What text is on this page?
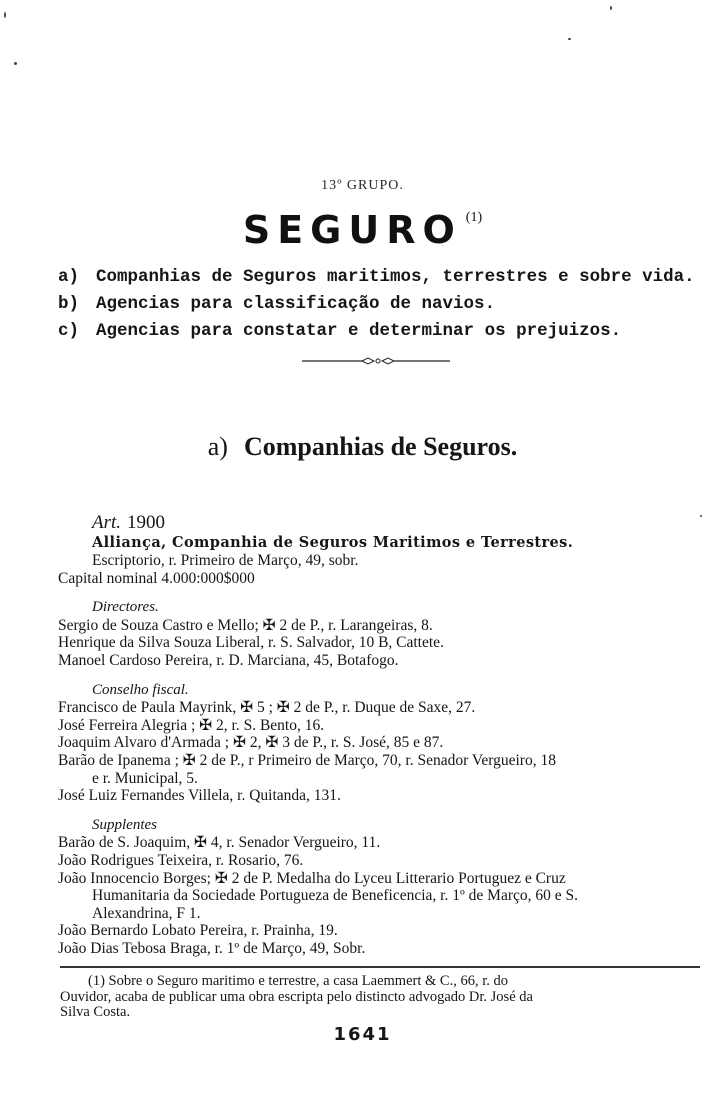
13º GRUPO.
SEGURO $^{(1)}$
a) Companhias de Seguros maritimos, terrestres e sobre vida.
b) Agencias para classificação de navios.
c) Agencias para constatar e determinar os prejuizos.
a) Companhias de Seguros.
Art. 1900
Alliança, Companhia de Seguros Maritimos e Terrestres.
Escriptorio, r. Primeiro de Março, 49, sobr.
Capital nominal 4.000:000$000
Directores.
Sergio de Souza Castro e Mello; ✠ 2 de P., r. Larangeiras, 8.
Henrique da Silva Souza Liberal, r. S. Salvador, 10 B, Cattete.
Manoel Cardoso Pereira, r. D. Marciana, 45, Botafogo.
Conselho fiscal.
Francisco de Paula Mayrink, ✠ 5 ; ✠ 2 de P., r. Duque de Saxe, 27.
José Ferreira Alegria ; ✠ 2, r. S. Bento, 16.
Joaquim Alvaro d'Armada ; ✠ 2, ✠ 3 de P., r. S. José, 85 e 87.
Barão de Ipanema ; ✠ 2 de P., r Primeiro de Março, 70, r. Senador Vergueiro, 18
e r. Municipal, 5.
José Luiz Fernandes Villela, r. Quitanda, 131.
Supplentes
Barão de S. Joaquim, ✠ 4, r. Senador Vergueiro, 11.
João Rodrigues Teixeira, r. Rosario, 76.
João Innocencio Borges; ✠ 2 de P. Medalha do Lyceu Litterario Portuguez e Cruz
Humanitaria da Sociedade Portugueza de Beneficencia, r. 1º de Março, 60 e S.
Alexandrina, F 1.
João Bernardo Lobato Pereira, r. Prainha, 19.
João Dias Tebosa Braga, r. 1º de Março, 49, Sobr.
(1) Sobre o Seguro maritimo e terrestre, a casa Laemmert & C., 66, r. do
Ouvidor, acaba de publicar uma obra escripta pelo distincto advogado Dr. José da
Silva Costa.
1641
